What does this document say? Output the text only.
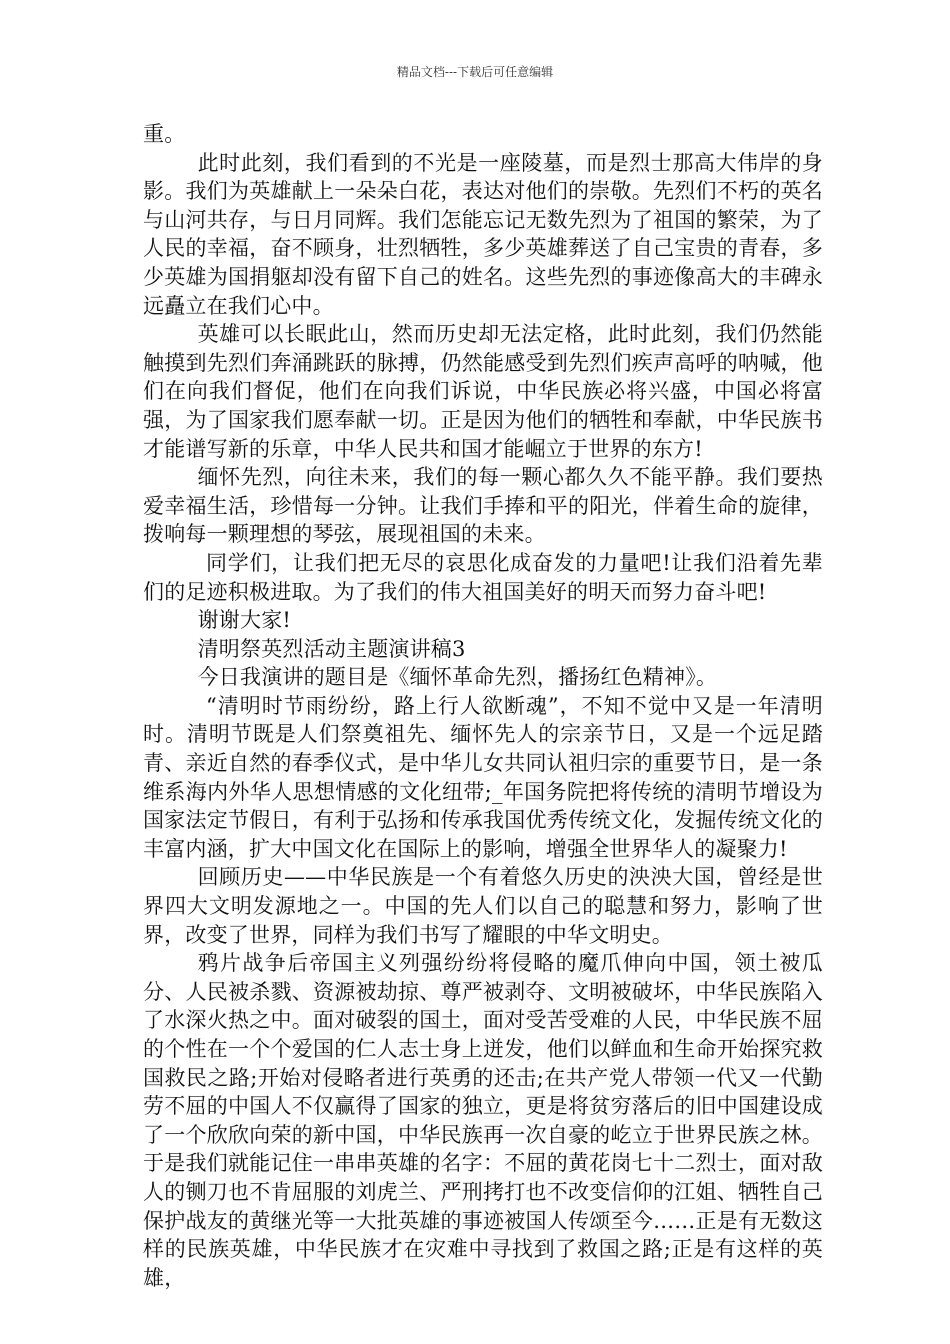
精品文档---下载后可任意编辑

重。

此时此刻，我们看到的不光是一座陵墓，而是烈士那高大伟岸的身影。我们为英雄献上一朵朵白花，表达对他们的崇敬。先烈们不朽的英名与山河共存，与日月同辉。我们怎能忘记无数先烈为了祖国的繁荣，为了人民的幸福，奋不顾身，壮烈牺牲，多少英雄葬送了自己宝贵的青春，多少英雄为国捐躯却没有留下自己的姓名。这些先烈的事迹像高大的丰碑永远矗立在我们心中。

英雄可以长眠此山，然而历史却无法定格，此时此刻，我们仍然能触摸到先烈们奔涌跳跃的脉搏，仍然能感受到先烈们疾声高呼的呐喊，他们在向我们督促，他们在向我们诉说，中华民族必将兴盛，中国必将富强，为了国家我们愿奉献一切。正是因为他们的牺牲和奉献，中华民族书才能谱写新的乐章，中华人民共和国才能崛立于世界的东方!

缅怀先烈，向往未来，我们的每一颗心都久久不能平静。我们要热爱幸福生活，珍惜每一分钟。让我们手捧和平的阳光，伴着生命的旋律，拨响每一颗理想的琴弦，展现祖国的未来。

同学们，让我们把无尽的哀思化成奋发的力量吧!让我们沿着先辈们的足迹积极进取。为了我们的伟大祖国美好的明天而努力奋斗吧!

谢谢大家!

清明祭英烈活动主题演讲稿3

今日我演讲的题目是《缅怀革命先烈，播扬红色精神》。

“清明时节雨纷纷，路上行人欲断魂”，不知不觉中又是一年清明时。清明节既是人们祭奠祖先、缅怀先人的宗亲节日，又是一个远足踏青、亲近自然的春季仪式，是中华儿女共同认祖归宗的重要节日，是一条维系海内外华人思想情感的文化纽带;_年国务院把将传统的清明节增设为国家法定节假日，有利于弘扬和传承我国优秀传统文化，发掘传统文化的丰富内涵，扩大中国文化在国际上的影响，增强全世界华人的凝聚力!

回顾历史——中华民族是一个有着悠久历史的泱泱大国，曾经是世界四大文明发源地之一。中国的先人们以自己的聪慧和努力，影响了世界，改变了世界，同样为我们书写了耀眼的中华文明史。

鸦片战争后帝国主义列强纷纷将侵略的魔爪伸向中国，领土被瓜分、人民被杀戮、资源被劫掠、尊严被剥夺、文明被破坏，中华民族陷入了水深火热之中。面对破裂的国土，面对受苦受难的人民，中华民族不屈的个性在一个个爱国的仁人志士身上迸发，他们以鲜血和生命开始探究救国救民之路;开始对侵略者进行英勇的还击;在共产党人带领一代又一代勤劳不屈的中国人不仅赢得了国家的独立，更是将贫穷落后的旧中国建设成了一个欣欣向荣的新中国，中华民族再一次自豪的屹立于世界民族之林。于是我们就能记住一串串英雄的名字：不屈的黄花岗七十二烈士，面对敌人的铡刀也不肯屈服的刘虎兰、严刑拷打也不改变信仰的江姐、牺牲自己保护战友的黄继光等一大批英雄的事迹被国人传颂至今……正是有无数这样的民族英雄，中华民族才在灾难中寻找到了救国之路;正是有这样的英雄，
